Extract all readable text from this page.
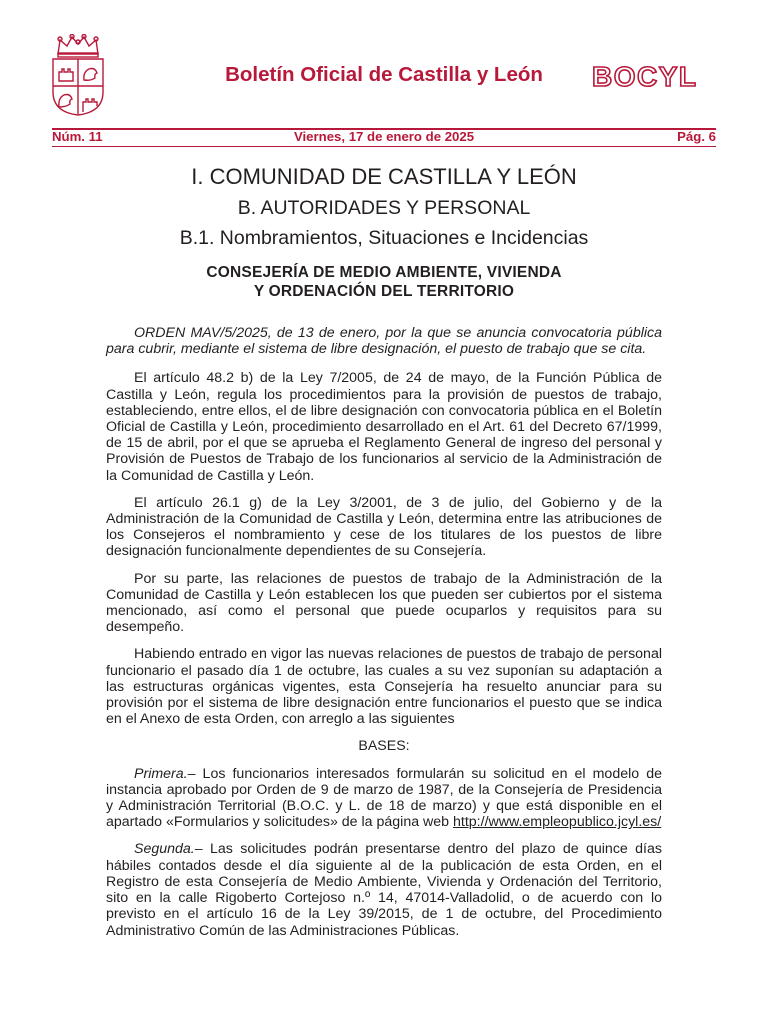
Boletín Oficial de Castilla y León	BOCYL
Núm. 11	Viernes, 17 de enero de 2025	Pág. 6
I. COMUNIDAD DE CASTILLA Y LEÓN
B. AUTORIDADES Y PERSONAL
B.1. Nombramientos, Situaciones e Incidencias
CONSEJERÍA DE MEDIO AMBIENTE, VIVIENDA
Y ORDENACIÓN DEL TERRITORIO

ORDEN MAV/5/2025, de 13 de enero, por la que se anuncia convocatoria pública para cubrir, mediante el sistema de libre designación, el puesto de trabajo que se cita.

El artículo 48.2 b) de la Ley 7/2005, de 24 de mayo, de la Función Pública de Castilla y León, regula los procedimientos para la provisión de puestos de trabajo, estableciendo, entre ellos, el de libre designación con convocatoria pública en el Boletín Oficial de Castilla y León, procedimiento desarrollado en el Art. 61 del Decreto 67/1999, de 15 de abril, por el que se aprueba el Reglamento General de ingreso del personal y Provisión de Puestos de Trabajo de los funcionarios al servicio de la Administración de la Comunidad de Castilla y León.

El artículo 26.1 g) de la Ley 3/2001, de 3 de julio, del Gobierno y de la Administración de la Comunidad de Castilla y León, determina entre las atribuciones de los Consejeros el nombramiento y cese de los titulares de los puestos de libre designación funcionalmente dependientes de su Consejería.

Por su parte, las relaciones de puestos de trabajo de la Administración de la Comunidad de Castilla y León establecen los que pueden ser cubiertos por el sistema mencionado, así como el personal que puede ocuparlos y requisitos para su desempeño.

Habiendo entrado en vigor las nuevas relaciones de puestos de trabajo de personal funcionario el pasado día 1 de octubre, las cuales a su vez suponían su adaptación a las estructuras orgánicas vigentes, esta Consejería ha resuelto anunciar para su provisión por el sistema de libre designación entre funcionarios el puesto que se indica en el Anexo de esta Orden, con arreglo a las siguientes

BASES:

Primera.– Los funcionarios interesados formularán su solicitud en el modelo de instancia aprobado por Orden de 9 de marzo de 1987, de la Consejería de Presidencia y Administración Territorial (B.O.C. y L. de 18 de marzo) y que está disponible en el apartado «Formularios y solicitudes» de la página web http://www.empleopublico.jcyl.es/

Segunda.– Las solicitudes podrán presentarse dentro del plazo de quince días hábiles contados desde el día siguiente al de la publicación de esta Orden, en el Registro de esta Consejería de Medio Ambiente, Vivienda y Ordenación del Territorio, sito en la calle Rigoberto Cortejoso n.º 14, 47014-Valladolid, o de acuerdo con lo previsto en el artículo 16 de la Ley 39/2015, de 1 de octubre, del Procedimiento Administrativo Común de las Administraciones Públicas.
